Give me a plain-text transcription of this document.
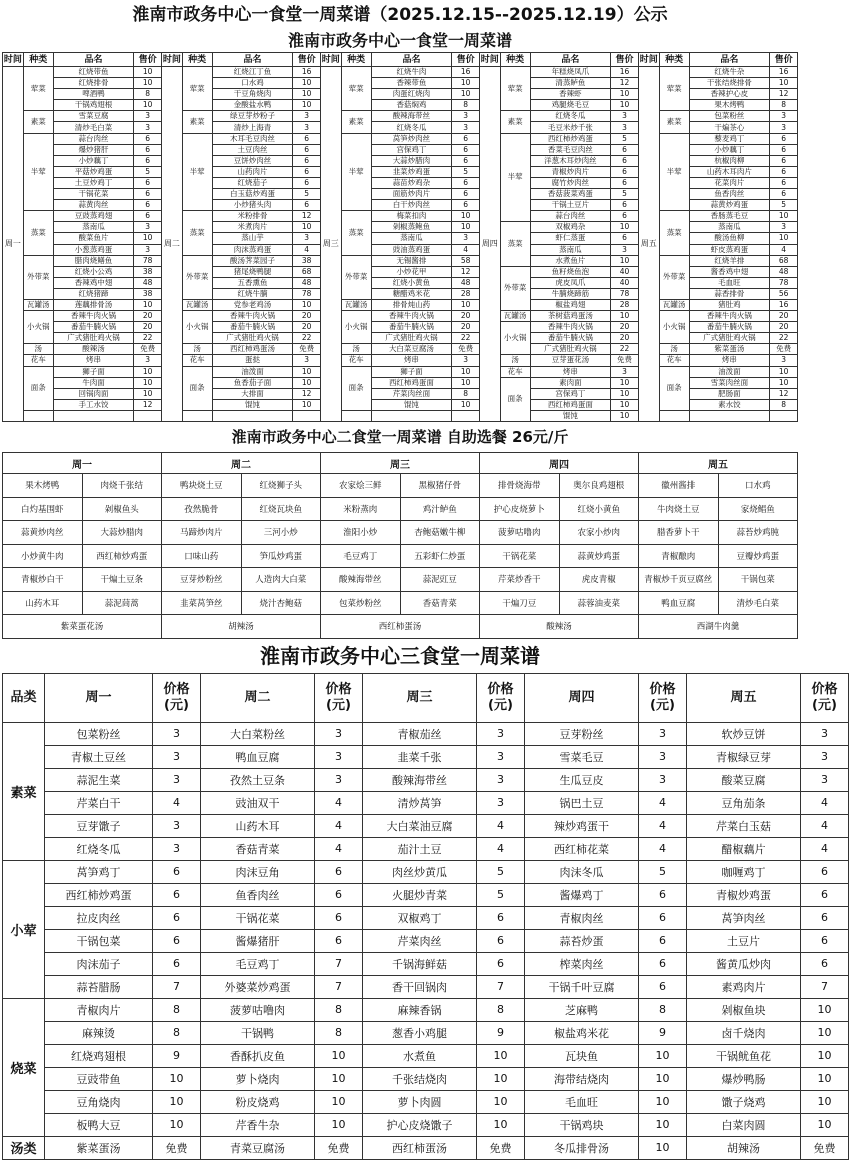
淮南市政务中心一食堂一周菜谱（2025.12.15--2025.12.19）公示
淮南市政务中心一食堂一周菜谱
时间	种类	品名	售价	时间	种类	品名	售价	时间	种类	品名	售价	时间	种类	品名	售价	时间	种类	品名	售价
周一	荤菜	红烧带鱼	10	周二	荤菜	红烧江丁鱼	16	周三	荤菜	红烧牛肉	16	周四	荤菜	年糕烧凤爪	16	周五	荤菜	红烧牛杂	16
		红烧排骨	10			口水鸡	10			香辣带鱼	10			清蒸鲈鱼	12			干张结烧排骨	10
		啤酒鸭	8			干豆角烧肉	10			肉蛋红烧肉	10			香辣虾	10			香辣护心皮	12
		干锅鸡翅根	10			金酸盐水鸭	10			香菇焖鸡	8			鸡腿烧毛豆	10			果木烤鸭	8
	素菜	雪菜豆腐	3		素菜	绿豆芽炒粉子	3		素菜	酸辣海带丝	3		素菜	红烧冬瓜	3		素菜	包菜粉丝	3
		清炒毛白菜	3			清炒上海青	3			红烧冬瓜	3			毛豆米炒千张	3			干煸茶心	3
	半荤	蒜台肉丝	6		半荤	木耳毛豆肉丝	6		半荤	莴笋炒肉丝	6		半荤	西红柿炒鸡蛋	5		半荤	藜麦鸡丁	6
		爆炒猪肝	6			土豆肉丝	6			宫保鸡丁	6			香菜毛豆肉丝	6			小炒藕丁	6
		小炒藕丁	6			豆饼炒肉丝	6			大蒜炒腊肉	6			洋葱木耳炒肉丝	6			杭椒肉柳	6
		平菇炒鸡蛋	5			山药肉片	6			韭菜炒鸡蛋	5			青椒炒肉片	6			山药木耳肉片	6
		土豆炒鸡丁	6			红烧茄子	6			蒜苗炒鸡杂	6			腐竹炒肉丝	6			花菜肉片	6
		干锅花菜	6			白玉菇炒鸡蛋	5			面筋炒肉片	6			香菇菠菜鸡蛋	5			鱼香肉丝	6
		蒜黄肉丝	6			小炒猪头肉	6			白干炒肉丝	6			干锅土豆片	6			蒜黄炒鸡蛋	5
	蒸菜	豆豉蒸鸡翅	6		蒸菜	米粉排骨	12		蒸菜	梅菜扣肉	10			蒜台肉丝	6		蒸菜	香肠蒸毛豆	10
		蒸南瓜	3			米煮肉片	10			剁椒蒸鲍鱼	10		蒸菜	双椒鸡杂	10			蒸南瓜	3
		酸菜鱼片	10			蒸山芋	3			蒸南瓜	3			虾仁蒸蛋	6			酸汤鱼柳	10
		小葱蒸鸡蛋	3			肉沫蒸鸡蛋	4			豉油蒸鸡蛋	4			蒸南瓜	3			虾皮蒸鸡蛋	4
	外带菜	腊肉烧鳝鱼	78		外带菜	酸汤荠菜园子	38		外带菜	无锡酱排	58			水煮鱼片	10		外带菜	红烧羊排	68
		红烧小公鸡	38			猪尾烧鸭腿	68			小炒花甲	12		外带菜	鱼籽烧鱼泡	40			酱香鸡中翅	48
		香辣鸡中翅	48			五香熏鱼	48			红烧小黄鱼	48			虎皮凤爪	40			毛血旺	78
		红烧猪蹄	38			红烧牛腩	78			糖醋鸡米花	28			牛腩烧蹄筋	78			蒜香排骨	56
	瓦罐汤	莲藕排骨汤	10		瓦罐汤	党参老鸡汤	10		瓦罐汤	排骨炖山药	10			椒盐鸡翅	28		瓦罐汤	猪肚鸡	16
	小火锅	香辣牛肉火锅	20		小火锅	香辣牛肉火锅	20		小火锅	香辣牛肉火锅	20		瓦罐汤	茶树菇鸡蛋汤	10		小火锅	香辣牛肉火锅	20
		番茄牛腩火锅	20			番茄牛腩火锅	20			番茄牛腩火锅	20		小火锅	香辣牛肉火锅	20			番茄牛腩火锅	20
		广式猪肚鸡火锅	22			广式猪肚鸡火锅	22			广式猪肚鸡火锅	22			番茄牛腩火锅	20			广式猪肚鸡火锅	22
	汤	酸辣汤	免费		汤	西红柿鸡蛋汤	免费		汤	大白菜豆腐汤	免费			广式猪肚鸡火锅	22		汤	紫菜蛋汤	免费
	花车	烤串	3		花车	蛋挞	3		花车	烤串	3		汤	豆芽蛋花汤	免费		花车	烤串	3
	面条	狮子面	10		面条	油泼面	10		面条	狮子面	10		花车	烤串	3		面条	油泼面	10
		牛肉面	10			鱼香茄子面	10			西红柿鸡蛋面	10		面条	素肉面	10			雪菜肉丝面	10
		回锅肉面	10			大排面	12			芹菜肉丝面	8			宫保鸡丁	10			肥肠面	12
		手工水饺	12			馄饨	10			馄饨	10			西红柿鸡蛋面	10			素水饺	8
														馄饨	10				
淮南市政务中心二食堂一周菜谱 自助选餐 26元/斤
周一		周二		周三		周四		周五	
果木烤鸭	肉烧千张结	鸭块烧土豆	红烧狮子头	农家烩三鲜	黑椒猪仔骨	排骨烧海带	奥尔良鸡翅根	徽州酱排	口水鸡
白灼基围虾	剁椒鱼头	孜然脆骨	红烧瓦块鱼	米粉蒸肉	鸡汁鲈鱼	护心皮烧萝卜	红烧小黄鱼	牛肉烧土豆	家烧鲳鱼
蒜黄炒肉丝	大蒜炒腊肉	马蹄炒肉片	三河小炒	淮阳小炒	杏鲍菇嫩牛柳	菠萝咕噜肉	农家小炒肉	腊香萝卜干	蒜苔炒鸡肫
小炒黄牛肉	西红柿炒鸡蛋	口味山药	笋瓜炒鸡蛋	毛豆鸡丁	五彩虾仁炒蛋	干锅花菜	蒜黄炒鸡蛋	青椒酿肉	豆瓣炒鸡蛋
青椒炒白干	干煸土豆条	豆芽炒粉丝	人造肉大白菜	酸辣海带丝	蒜泥豇豆	芹菜炒香干	虎皮青椒	青椒炒千页豆腐丝	干锅包菜
山药木耳	蒜泥茼蒿	韭菜莴笋丝	烧汁杏鲍菇	包菜炒粉丝	香菇青菜	干煸刀豆	蒜蓉油麦菜	鸭血豆腐	清炒毛白菜
紫菜蛋花汤		胡辣汤		西红柿蛋汤		酸辣汤		西湖牛肉羹	
淮南市政务中心三食堂一周菜谱
品类	周一	价格(元)	周二	价格(元)	周三	价格(元)	周四	价格(元)	周五	价格(元)
素菜	包菜粉丝	3	大白菜粉丝	3	青椒茄丝	3	豆芽粉丝	3	软炒豆饼	3
	青椒土豆丝	3	鸭血豆腐	3	韭菜千张	3	雪菜毛豆	3	青椒绿豆芽	3
	蒜泥生菜	3	孜然土豆条	3	酸辣海带丝	3	生瓜豆皮	3	酸菜豆腐	3
	芹菜白干	4	豉油双干	4	清炒莴笋	3	锅巴土豆	4	豆角茄条	4
	豆芽馓子	3	山药木耳	4	大白菜油豆腐	4	辣炒鸡蛋干	4	芹菜白玉菇	4
	红烧冬瓜	3	香菇青菜	4	茄汁土豆	4	西红柿花菜	4	醋椒藕片	4
小荤	莴笋鸡丁	6	肉沫豆角	6	肉丝炒黄瓜	5	肉沫冬瓜	5	咖喱鸡丁	6
	西红柿炒鸡蛋	6	鱼香肉丝	6	火腿炒青菜	5	酱爆鸡丁	6	青椒炒鸡蛋	6
	拉皮肉丝	6	干锅花菜	6	双椒鸡丁	6	青椒肉丝	6	莴笋肉丝	6
	干锅包菜	6	酱爆猪肝	6	芹菜肉丝	6	蒜苔炒蛋	6	土豆片	6
	肉沫茄子	6	毛豆鸡丁	7	千锅海鲜菇	6	榨菜肉丝	6	酱黄瓜炒肉	6
	蒜苔腊肠	7	外婆菜炒鸡蛋	7	香干回锅肉	7	干锅千叶豆腐	6	素鸡肉片	7
烧菜	青椒肉片	8	菠萝咕噜肉	8	麻辣香锅	8	芝麻鸭	8	剁椒鱼块	10
	麻辣烫	8	干锅鸭	8	葱香小鸡腿	9	椒盐鸡米花	9	卤千烧肉	10
	红烧鸡翅根	9	香酥扒皮鱼	10	水煮鱼	10	瓦块鱼	10	干锅鱿鱼花	10
	豆豉带鱼	10	萝卜烧肉	10	千张结烧肉	10	海带结烧肉	10	爆炒鸭肠	10
	豆角烧肉	10	粉皮烧鸡	10	萝卜肉圆	10	毛血旺	10	馓子烧鸡	10
	板鸭大豆	10	芹香牛杂	10	护心皮烧馓子	10	干锅鸡块	10	白菜肉圆	10
汤类	紫菜蛋汤	免费	青菜豆腐汤	免费	西红柿蛋汤	免费	冬瓜排骨汤	10	胡辣汤	免费
